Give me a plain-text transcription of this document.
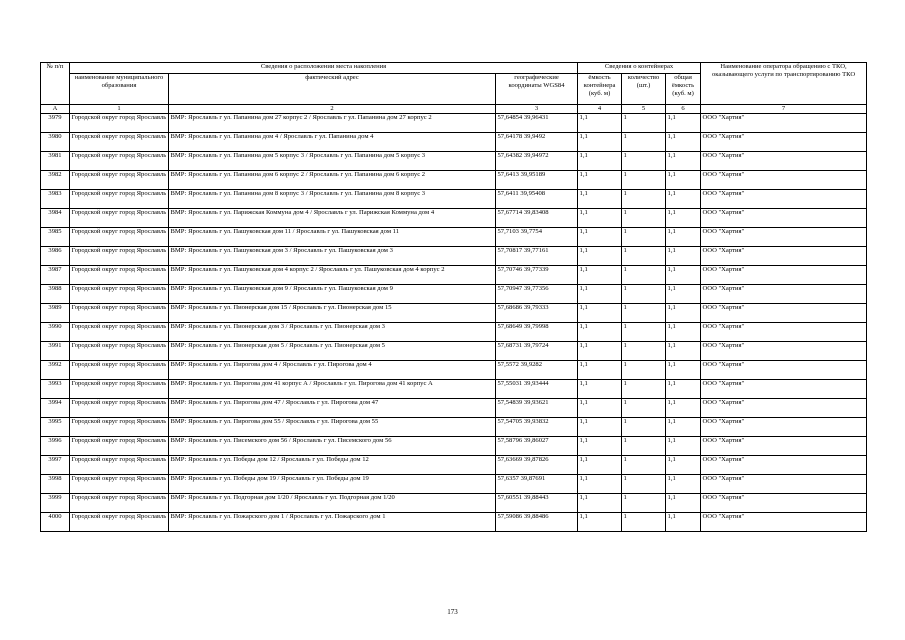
№ п/п	Сведения о расположении места накопления			Сведения о контейнерах			Наименование оператора обращению с ТКО, оказывающего услуги по транспортированию ТКО
	наименование муниципального образования	фактический адрес	географические координаты WGS84	ёмкость контейнера (куб. м)	количество (шт.)	общая ёмкость (куб. м)	
A	1	2	3	4	5	6	7
3979	Городской округ город Ярославль	ВМР: Ярославль г ул. Папанина дом 27 корпус 2 / Ярославль г ул. Папанина дом 27 корпус 2	57,64854 39,96431	1,1	1	1,1	ООО "Хартия"
3980	Городской округ город Ярославль	ВМР: Ярославль г ул. Папанина дом 4 / Ярославль г ул. Папанина дом 4	57,64178 39,9492	1,1	1	1,1	ООО "Хартия"
3981	Городской округ город Ярославль	ВМР: Ярославль г ул. Папанина дом 5 корпус 3 / Ярославль г ул. Папанина дом 5 корпус 3	57,64382 39,94972	1,1	1	1,1	ООО "Хартия"
3982	Городской округ город Ярославль	ВМР: Ярославль г ул. Папанина дом 6 корпус 2 / Ярославль г ул. Папанина дом 6 корпус 2	57,6413 39,95189	1,1	1	1,1	ООО "Хартия"
3983	Городской округ город Ярославль	ВМР: Ярославль г ул. Папанина дом 8 корпус 3 / Ярославль г ул. Папанина дом 8 корпус 3	57,6411 39,95408	1,1	1	1,1	ООО "Хартия"
3984	Городской округ город Ярославль	ВМР: Ярославль г ул. Парижская Коммуна дом 4 / Ярославль г ул. Парижская Коммуна дом 4	57,67714 39,83408	1,1	1	1,1	ООО "Хартия"
3985	Городской округ город Ярославль	ВМР: Ярославль г ул. Пашуковская дом 11 / Ярославль г ул. Пашуковская дом 11	57,7103 39,7754	1,1	1	1,1	ООО "Хартия"
3986	Городской округ город Ярославль	ВМР: Ярославль г ул. Пашуковская дом 3 / Ярославль г ул. Пашуковская дом 3	57,70817 39,77161	1,1	1	1,1	ООО "Хартия"
3987	Городской округ город Ярославль	ВМР: Ярославль г ул. Пашуковская дом 4 корпус 2 / Ярославль г ул. Пашуковская дом 4 корпус 2	57,70746 39,77339	1,1	1	1,1	ООО "Хартия"
3988	Городской округ город Ярославль	ВМР: Ярославль г ул. Пашуковская дом 9 / Ярославль г ул. Пашуковская дом 9	57,70947 39,77356	1,1	1	1,1	ООО "Хартия"
3989	Городской округ город Ярославль	ВМР: Ярославль г ул. Пионерская дом 15 / Ярославль г ул. Пионерская дом 15	57,68686 39,79333	1,1	1	1,1	ООО "Хартия"
3990	Городской округ город Ярославль	ВМР: Ярославль г ул. Пионерская дом 3 / Ярославль г ул. Пионерская дом 3	57,68649 39,79998	1,1	1	1,1	ООО "Хартия"
3991	Городской округ город Ярославль	ВМР: Ярославль г ул. Пионерская дом 5 / Ярославль г ул. Пионерская дом 5	57,68731 39,79724	1,1	1	1,1	ООО "Хартия"
3992	Городской округ город Ярославль	ВМР: Ярославль г ул. Пирогова дом 4 / Ярославль г ул. Пирогова дом 4	57,5572 39,9282	1,1	1	1,1	ООО "Хартия"
3993	Городской округ город Ярославль	ВМР: Ярославль г ул. Пирогова дом 41 корпус А / Ярославль г ул. Пирогова дом 41 корпус А	57,55031 39,93444	1,1	1	1,1	ООО "Хартия"
3994	Городской округ город Ярославль	ВМР: Ярославль г ул. Пирогова дом 47 / Ярославль г ул. Пирогова дом 47	57,54839 39,93621	1,1	1	1,1	ООО "Хартия"
3995	Городской округ город Ярославль	ВМР: Ярославль г ул. Пирогова дом 55 / Ярославль г ул. Пирогова дом 55	57,54705 39,93832	1,1	1	1,1	ООО "Хартия"
3996	Городской округ город Ярославль	ВМР: Ярославль г ул. Писемского дом 56 / Ярославль г ул. Писемского дом 56	57,58796 39,86027	1,1	1	1,1	ООО "Хартия"
3997	Городской округ город Ярославль	ВМР: Ярославль г ул. Победы дом 12 / Ярославль г ул. Победы дом 12	57,63669 39,87826	1,1	1	1,1	ООО "Хартия"
3998	Городской округ город Ярославль	ВМР: Ярославль г ул. Победы дом 19 / Ярославль г ул. Победы дом 19	57,6357 39,87691	1,1	1	1,1	ООО "Хартия"
3999	Городской округ город Ярославль	ВМР: Ярославль г ул. Подгорная дом 1/20 / Ярославль г ул. Подгорная дом 1/20	57,60551 39,88443	1,1	1	1,1	ООО "Хартия"
4000	Городской округ город Ярославль	ВМР: Ярославль г ул. Пожарского дом 1 / Ярославль г ул. Пожарского дом 1	57,59086 39,88486	1,1	1	1,1	ООО "Хартия"
173
